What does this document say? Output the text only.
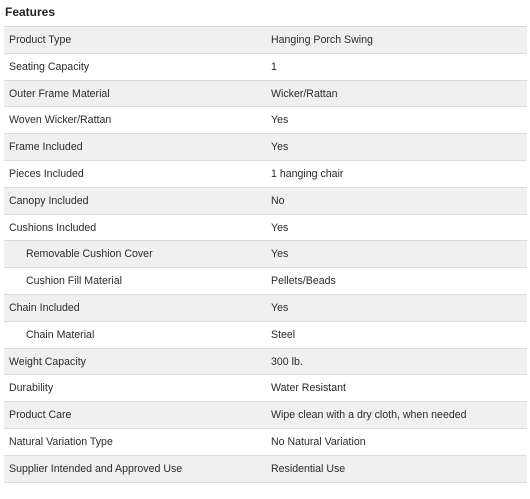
Features
Product Type	Hanging Porch Swing
Seating Capacity	1
Outer Frame Material	Wicker/Rattan
Woven Wicker/Rattan	Yes
Frame Included	Yes
Pieces Included	1 hanging chair
Canopy Included	No
Cushions Included	Yes
Removable Cushion Cover	Yes
Cushion Fill Material	Pellets/Beads
Chain Included	Yes
Chain Material	Steel
Weight Capacity	300 lb.
Durability	Water Resistant
Product Care	Wipe clean with a dry cloth, when needed
Natural Variation Type	No Natural Variation
Supplier Intended and Approved Use	Residential Use
